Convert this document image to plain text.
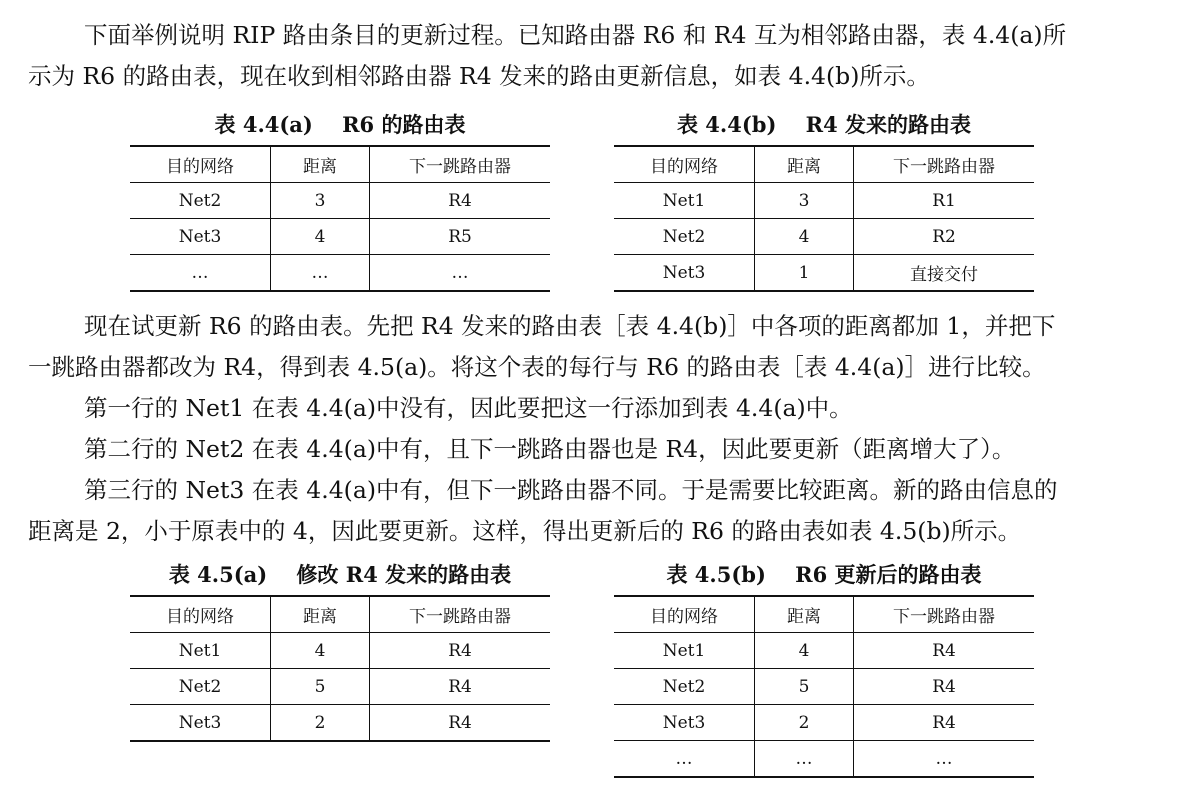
下面举例说明 RIP 路由条目的更新过程。已知路由器 R6 和 R4 互为相邻路由器，表 4.4(a)所
示为 R6 的路由表，现在收到相邻路由器 R4 发来的路由更新信息，如表 4.4(b)所示。

表 4.4(a)    R6 的路由表
目的网络	距离	下一跳路由器
Net2	3	R4
Net3	4	R5
…	…	…
表 4.4(b)    R4 发来的路由表
目的网络	距离	下一跳路由器
Net1	3	R1
Net2	4	R2
Net3	1	直接交付

现在试更新 R6 的路由表。先把 R4 发来的路由表［表 4.4(b)］中各项的距离都加 1，并把下
一跳路由器都改为 R4，得到表 4.5(a)。将这个表的每行与 R6 的路由表［表 4.4(a)］进行比较。
第一行的 Net1 在表 4.4(a)中没有，因此要把这一行添加到表 4.4(a)中。
第二行的 Net2 在表 4.4(a)中有，且下一跳路由器也是 R4，因此要更新（距离增大了）。
第三行的 Net3 在表 4.4(a)中有，但下一跳路由器不同。于是需要比较距离。新的路由信息的
距离是 2，小于原表中的 4，因此要更新。这样，得出更新后的 R6 的路由表如表 4.5(b)所示。

表 4.5(a)    修改 R4 发来的路由表
目的网络	距离	下一跳路由器
Net1	4	R4
Net2	5	R4
Net3	2	R4
表 4.5(b)    R6 更新后的路由表
目的网络	距离	下一跳路由器
Net1	4	R4
Net2	5	R4
Net3	2	R4
…	…	…
